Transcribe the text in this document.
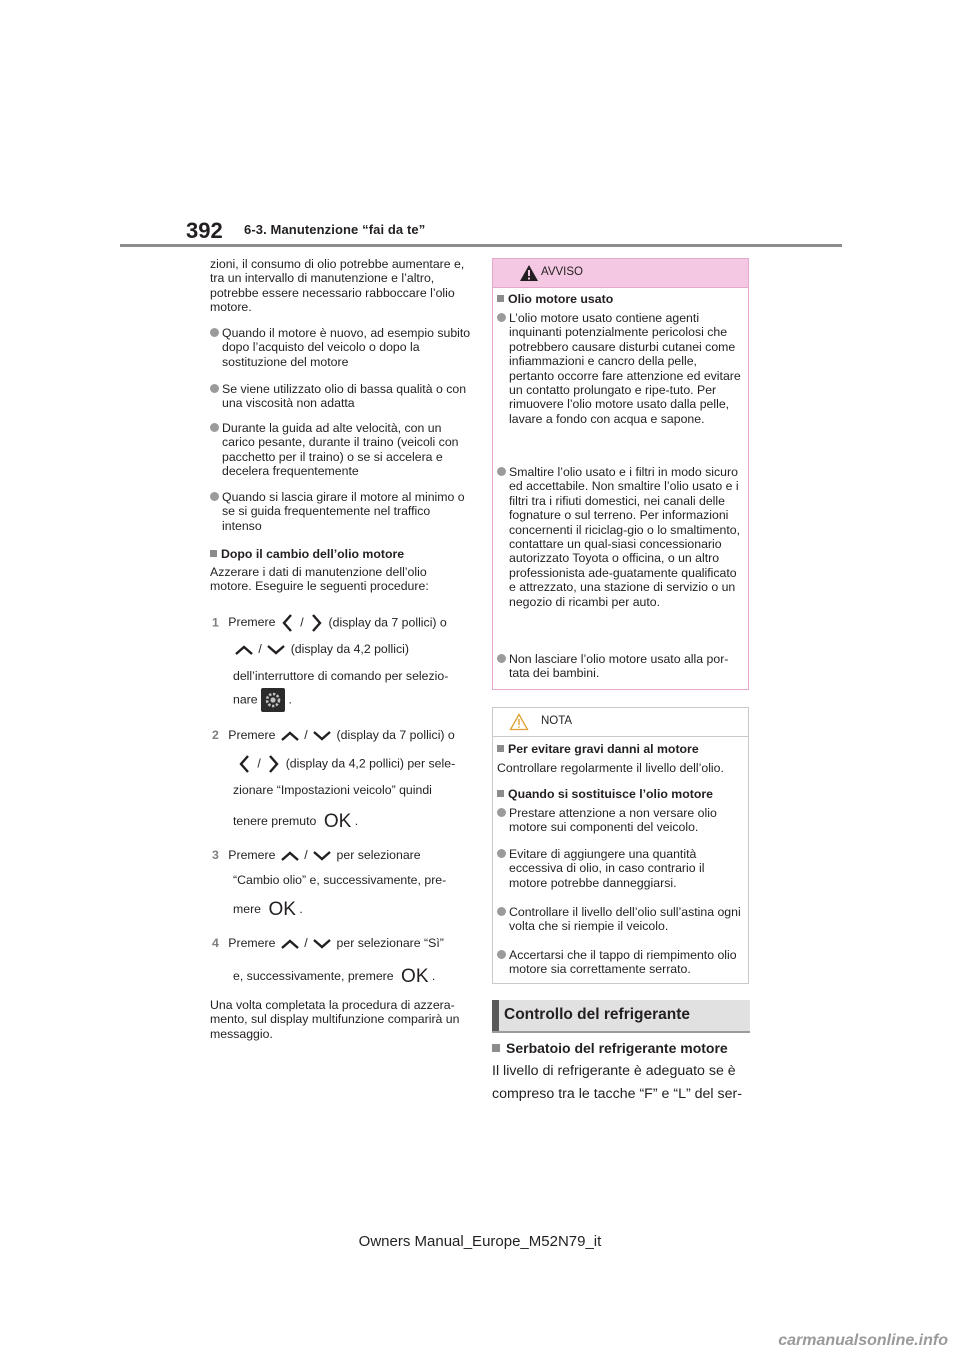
392 6-3. Manutenzione “fai da te”
zioni, il consumo di olio potrebbe aumentare e, tra un intervallo di manutenzione e l’altro, potrebbe essere necessario rabboccare l’olio motore.
Quando il motore è nuovo, ad esempio subito dopo l’acquisto del veicolo o dopo la sostituzione del motore
Se viene utilizzato olio di bassa qualità o con una viscosità non adatta
Durante la guida ad alte velocità, con un carico pesante, durante il traino (veicoli con pacchetto per il traino) o se si accelera e decelera frequentemente
Quando si lascia girare il motore al minimo o se si guida frequentemente nel traffico intenso
Dopo il cambio dell’olio motore
Azzerare i dati di manutenzione dell’olio motore. Eseguire le seguenti procedure:
1 Premere / (display da 7 pollici) o
/ (display da 4,2 pollici)
dell’interruttore di comando per selezio-
nare	.
2 Premere / (display da 7 pollici) o
/ (display da 4,2 pollici) per sele-
zionare “Impostazioni veicolo” quindi
tenere premuto OK .
3 Premere / per selezionare
“Cambio olio” e, successivamente, pre-
mere OK .
4 Premere / per selezionare “Sì”
e, successivamente, premere OK .
Una volta completata la procedura di azzera-mento, sul display multifunzione comparirà un messaggio.
AVVISO
Olio motore usato
L’olio motore usato contiene agenti inquinanti potenzialmente pericolosi che potrebbero causare disturbi cutanei come infiammazioni e cancro della pelle, pertanto occorre fare attenzione ed evitare un contatto prolungato e ripe-tuto. Per rimuovere l’olio motore usato dalla pelle, lavare a fondo con acqua e sapone.
Smaltire l’olio usato e i filtri in modo sicuro ed accettabile. Non smaltire l’olio usato e i filtri tra i rifiuti domestici, nei canali delle fognature o sul terreno. Per informazioni concernenti il riciclag-gio o lo smaltimento, contattare un qual-siasi concessionario autorizzato Toyota o officina, o un altro professionista ade-guatamente qualificato e attrezzato, una stazione di servizio o un negozio di ricambi per auto.
Non lasciare l’olio motore usato alla por-tata dei bambini.
NOTA
Per evitare gravi danni al motore
Controllare regolarmente il livello dell’olio.
Quando si sostituisce l’olio motore
Prestare attenzione a non versare olio motore sui componenti del veicolo.
Evitare di aggiungere una quantità eccessiva di olio, in caso contrario il motore potrebbe danneggiarsi.
Controllare il livello dell’olio sull’astina ogni volta che si riempie il veicolo.
Accertarsi che il tappo di riempimento olio motore sia correttamente serrato.
Controllo del refrigerante
Serbatoio del refrigerante motore
Il livello di refrigerante è adeguato se è
compreso tra le tacche “F” e “L” del ser-
Owners Manual_Europe_M52N79_it
carmanualsonline.info
